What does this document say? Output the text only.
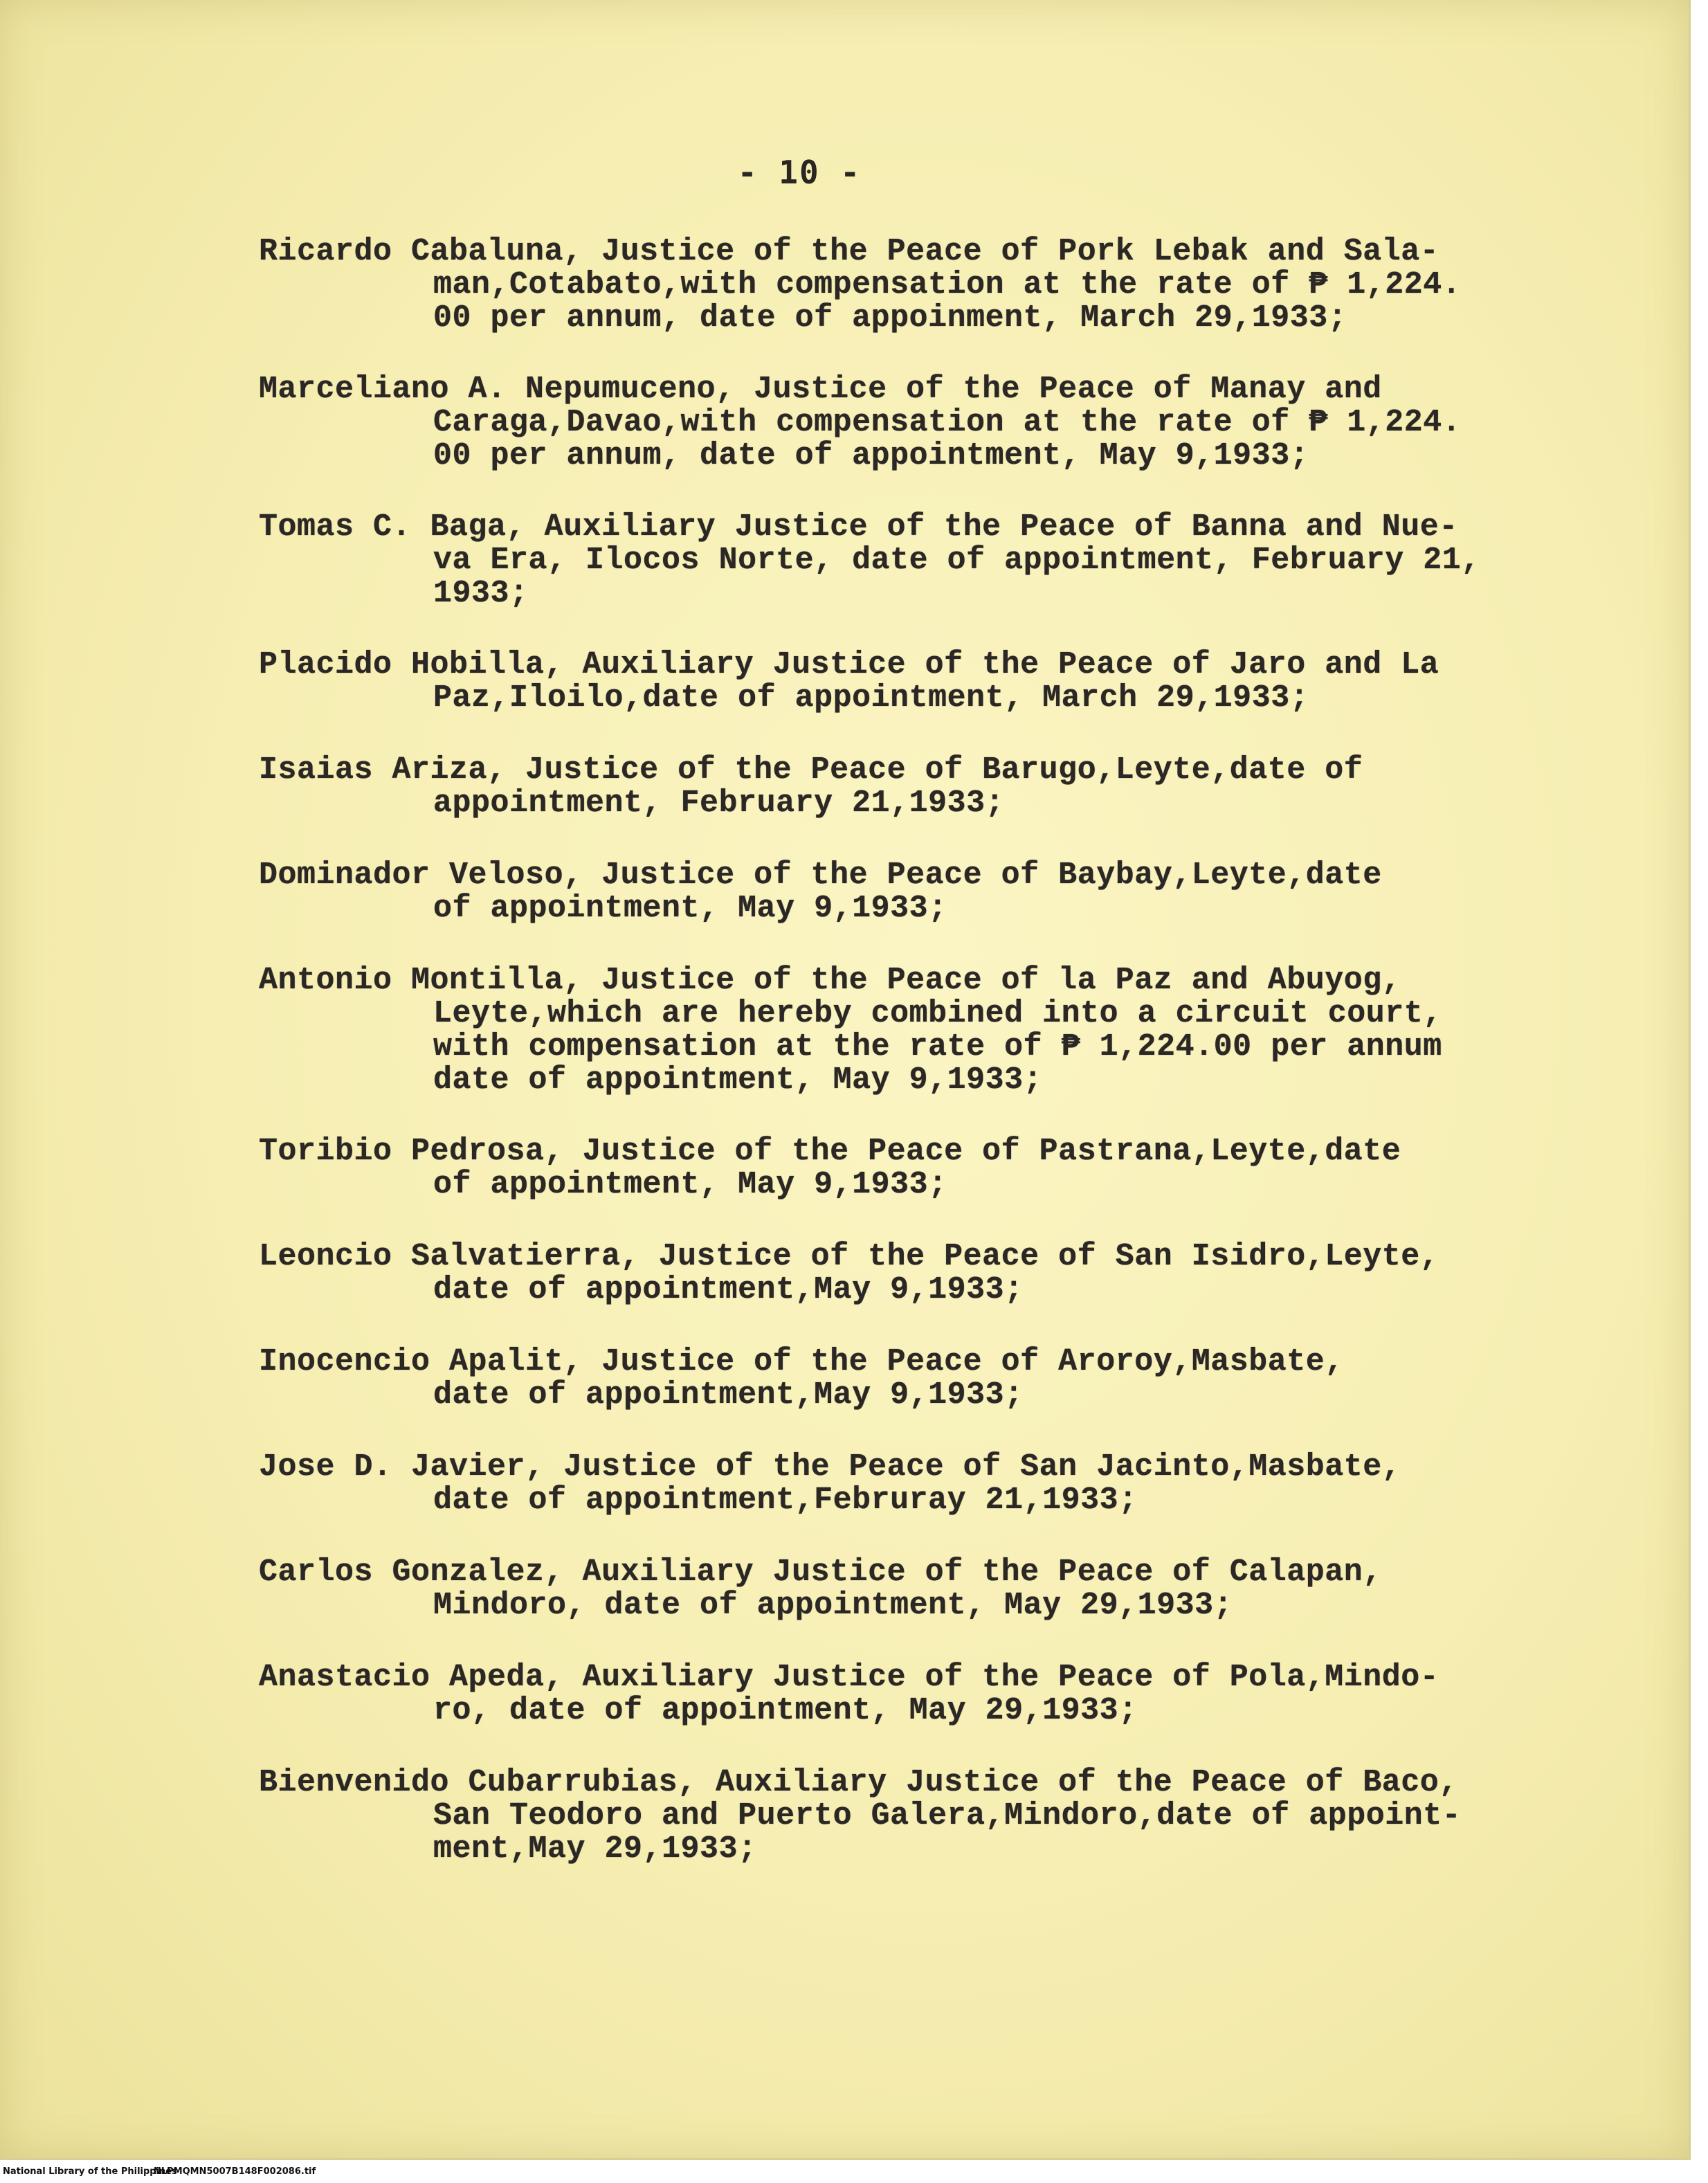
- 10 -
Ricardo Cabaluna, Justice of the Peace of Pork Lebak and Sala-
man,Cotabato,with compensation at the rate of ₱ 1,224.
00 per annum, date of appoinment, March 29,1933;
Marceliano A. Nepumuceno, Justice of the Peace of Manay and
Caraga,Davao,with compensation at the rate of ₱ 1,224.
00 per annum, date of appointment, May 9,1933;
Tomas C. Baga, Auxiliary Justice of the Peace of Banna and Nue-
va Era, Ilocos Norte, date of appointment, February 21,
1933;
Placido Hobilla, Auxiliary Justice of the Peace of Jaro and La
Paz,Iloilo,date of appointment, March 29,1933;
Isaias Ariza, Justice of the Peace of Barugo,Leyte,date of
appointment, February 21,1933;
Dominador Veloso, Justice of the Peace of Baybay,Leyte,date
of appointment, May 9,1933;
Antonio Montilla, Justice of the Peace of la Paz and Abuyog,
Leyte,which are hereby combined into a circuit court,
with compensation at the rate of ₱ 1,224.00 per annum
date of appointment, May 9,1933;
Toribio Pedrosa, Justice of the Peace of Pastrana,Leyte,date
of appointment, May 9,1933;
Leoncio Salvatierra, Justice of the Peace of San Isidro,Leyte,
date of appointment,May 9,1933;
Inocencio Apalit, Justice of the Peace of Aroroy,Masbate,
date of appointment,May 9,1933;
Jose D. Javier, Justice of the Peace of San Jacinto,Masbate,
date of appointment,Februray 21,1933;
Carlos Gonzalez, Auxiliary Justice of the Peace of Calapan,
Mindoro, date of appointment, May 29,1933;
Anastacio Apeda, Auxiliary Justice of the Peace of Pola,Mindo-
ro, date of appointment, May 29,1933;
Bienvenido Cubarrubias, Auxiliary Justice of the Peace of Baco,
San Teodoro and Puerto Galera,Mindoro,date of appoint-
ment,May 29,1933;
National Library of the Philippines
NLPMQMN5007B148F002086.tif
